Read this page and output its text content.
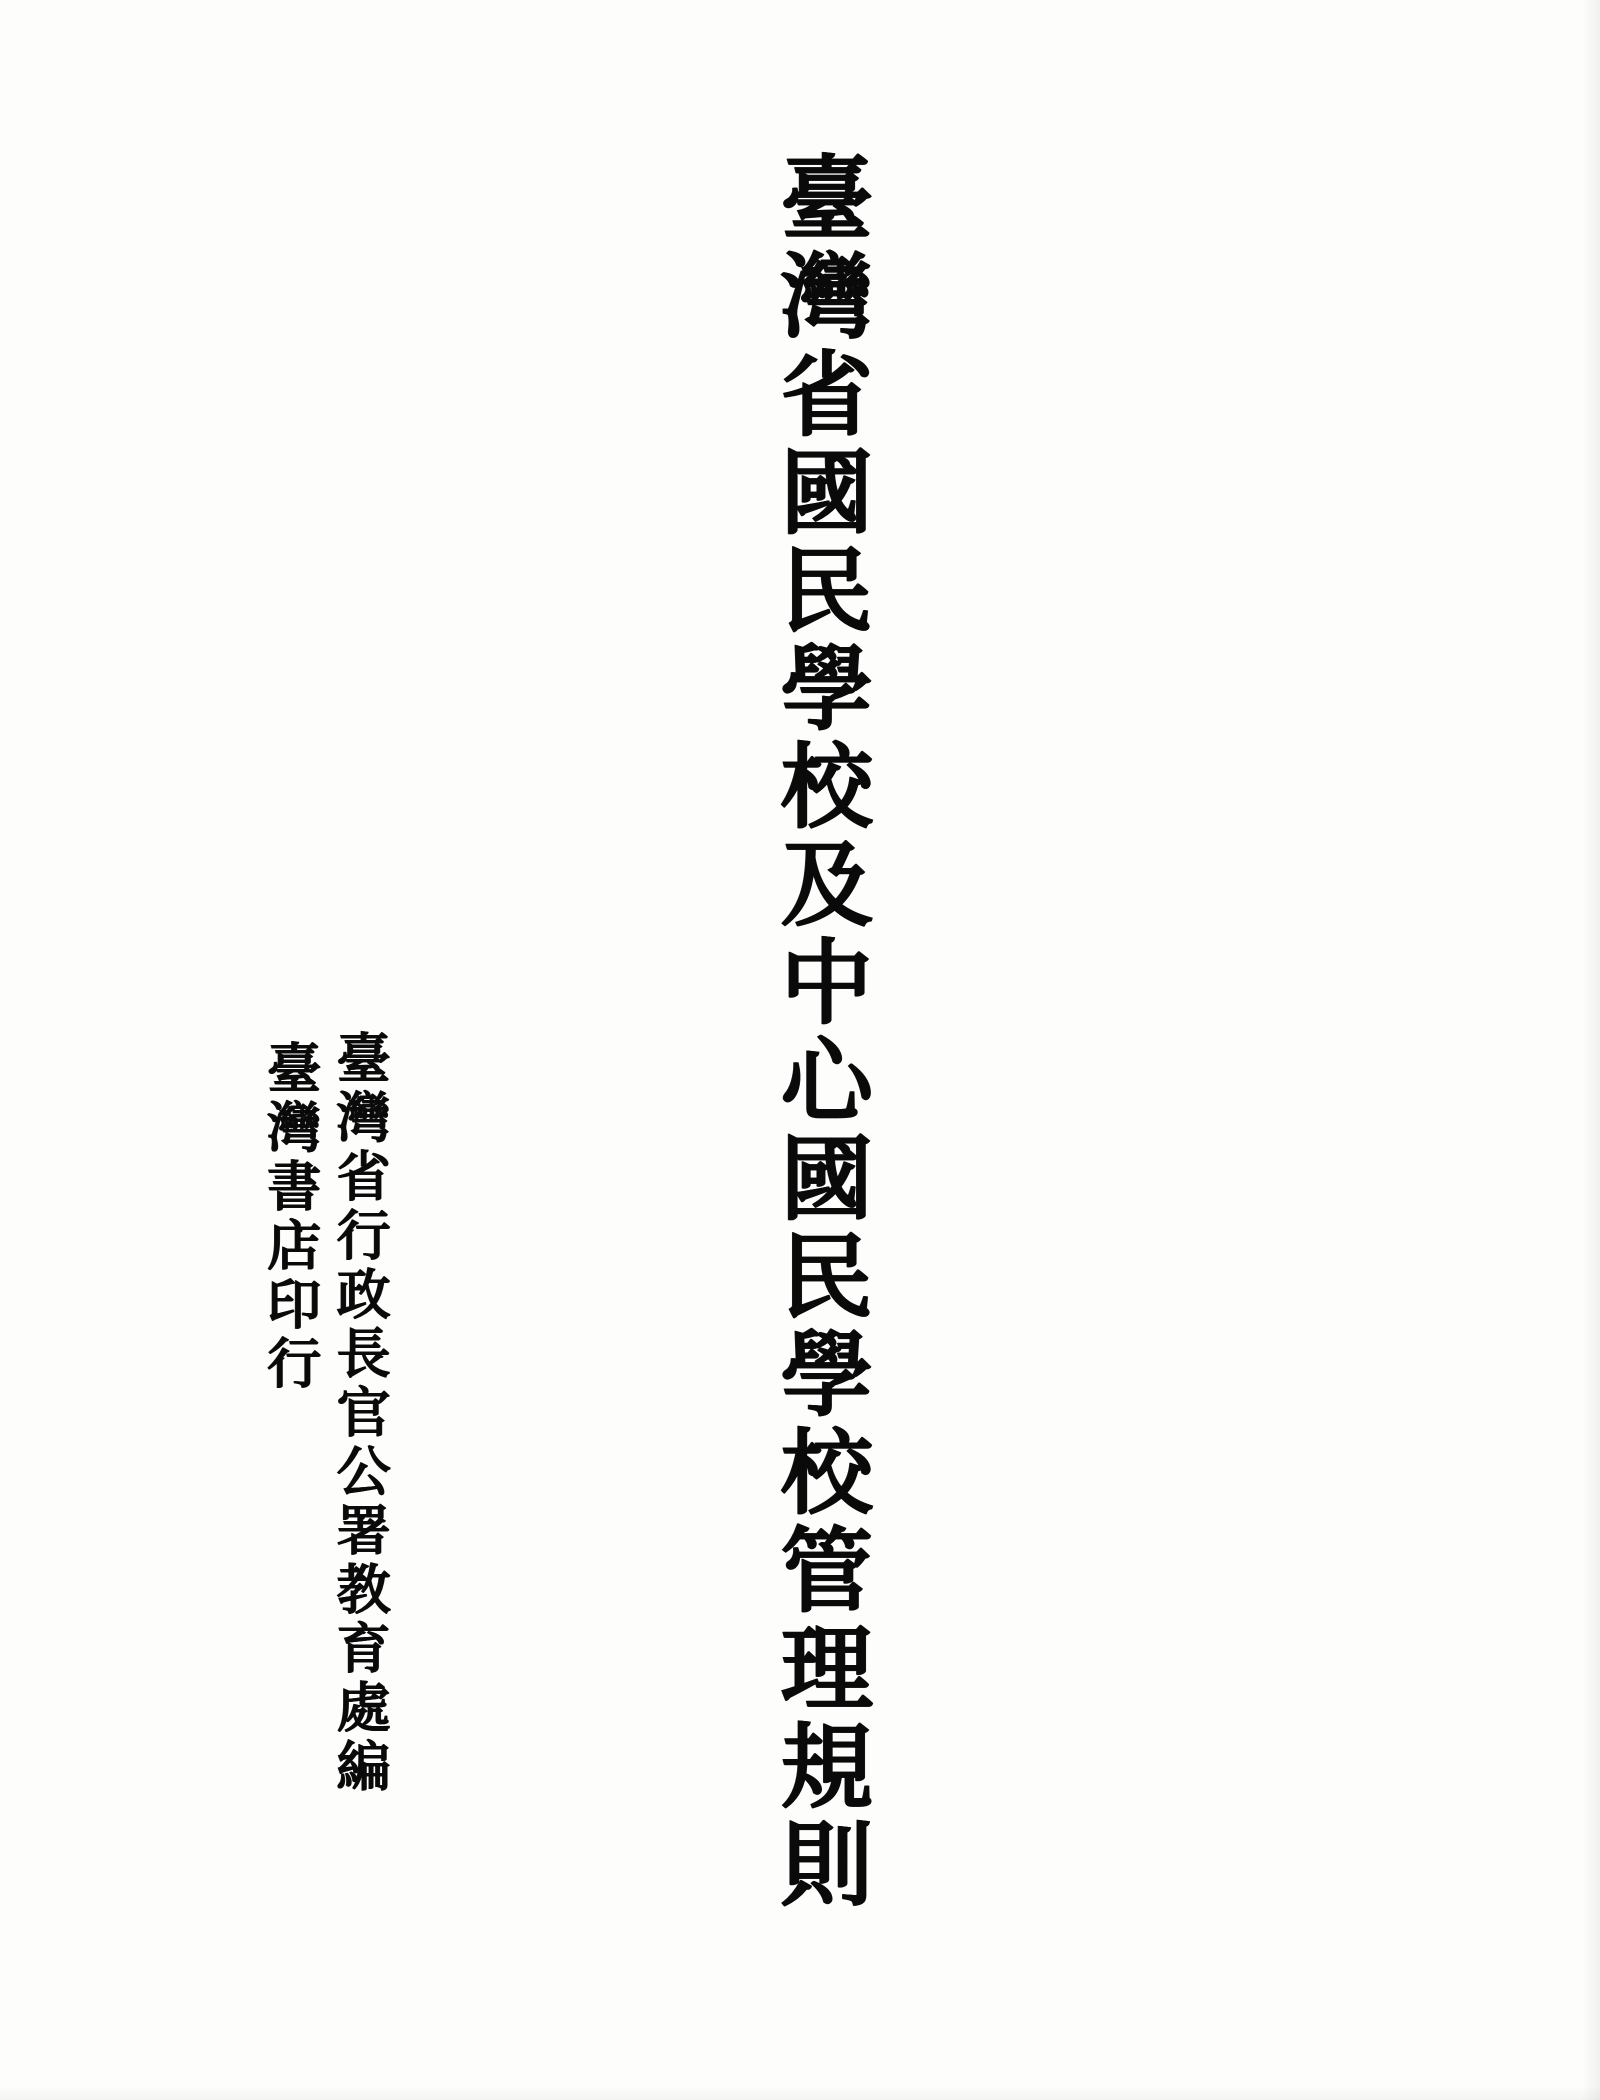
臺灣省國民學校及中心國民學校管理規則
臺灣省行政長官公署教育處編
臺灣書店印行
